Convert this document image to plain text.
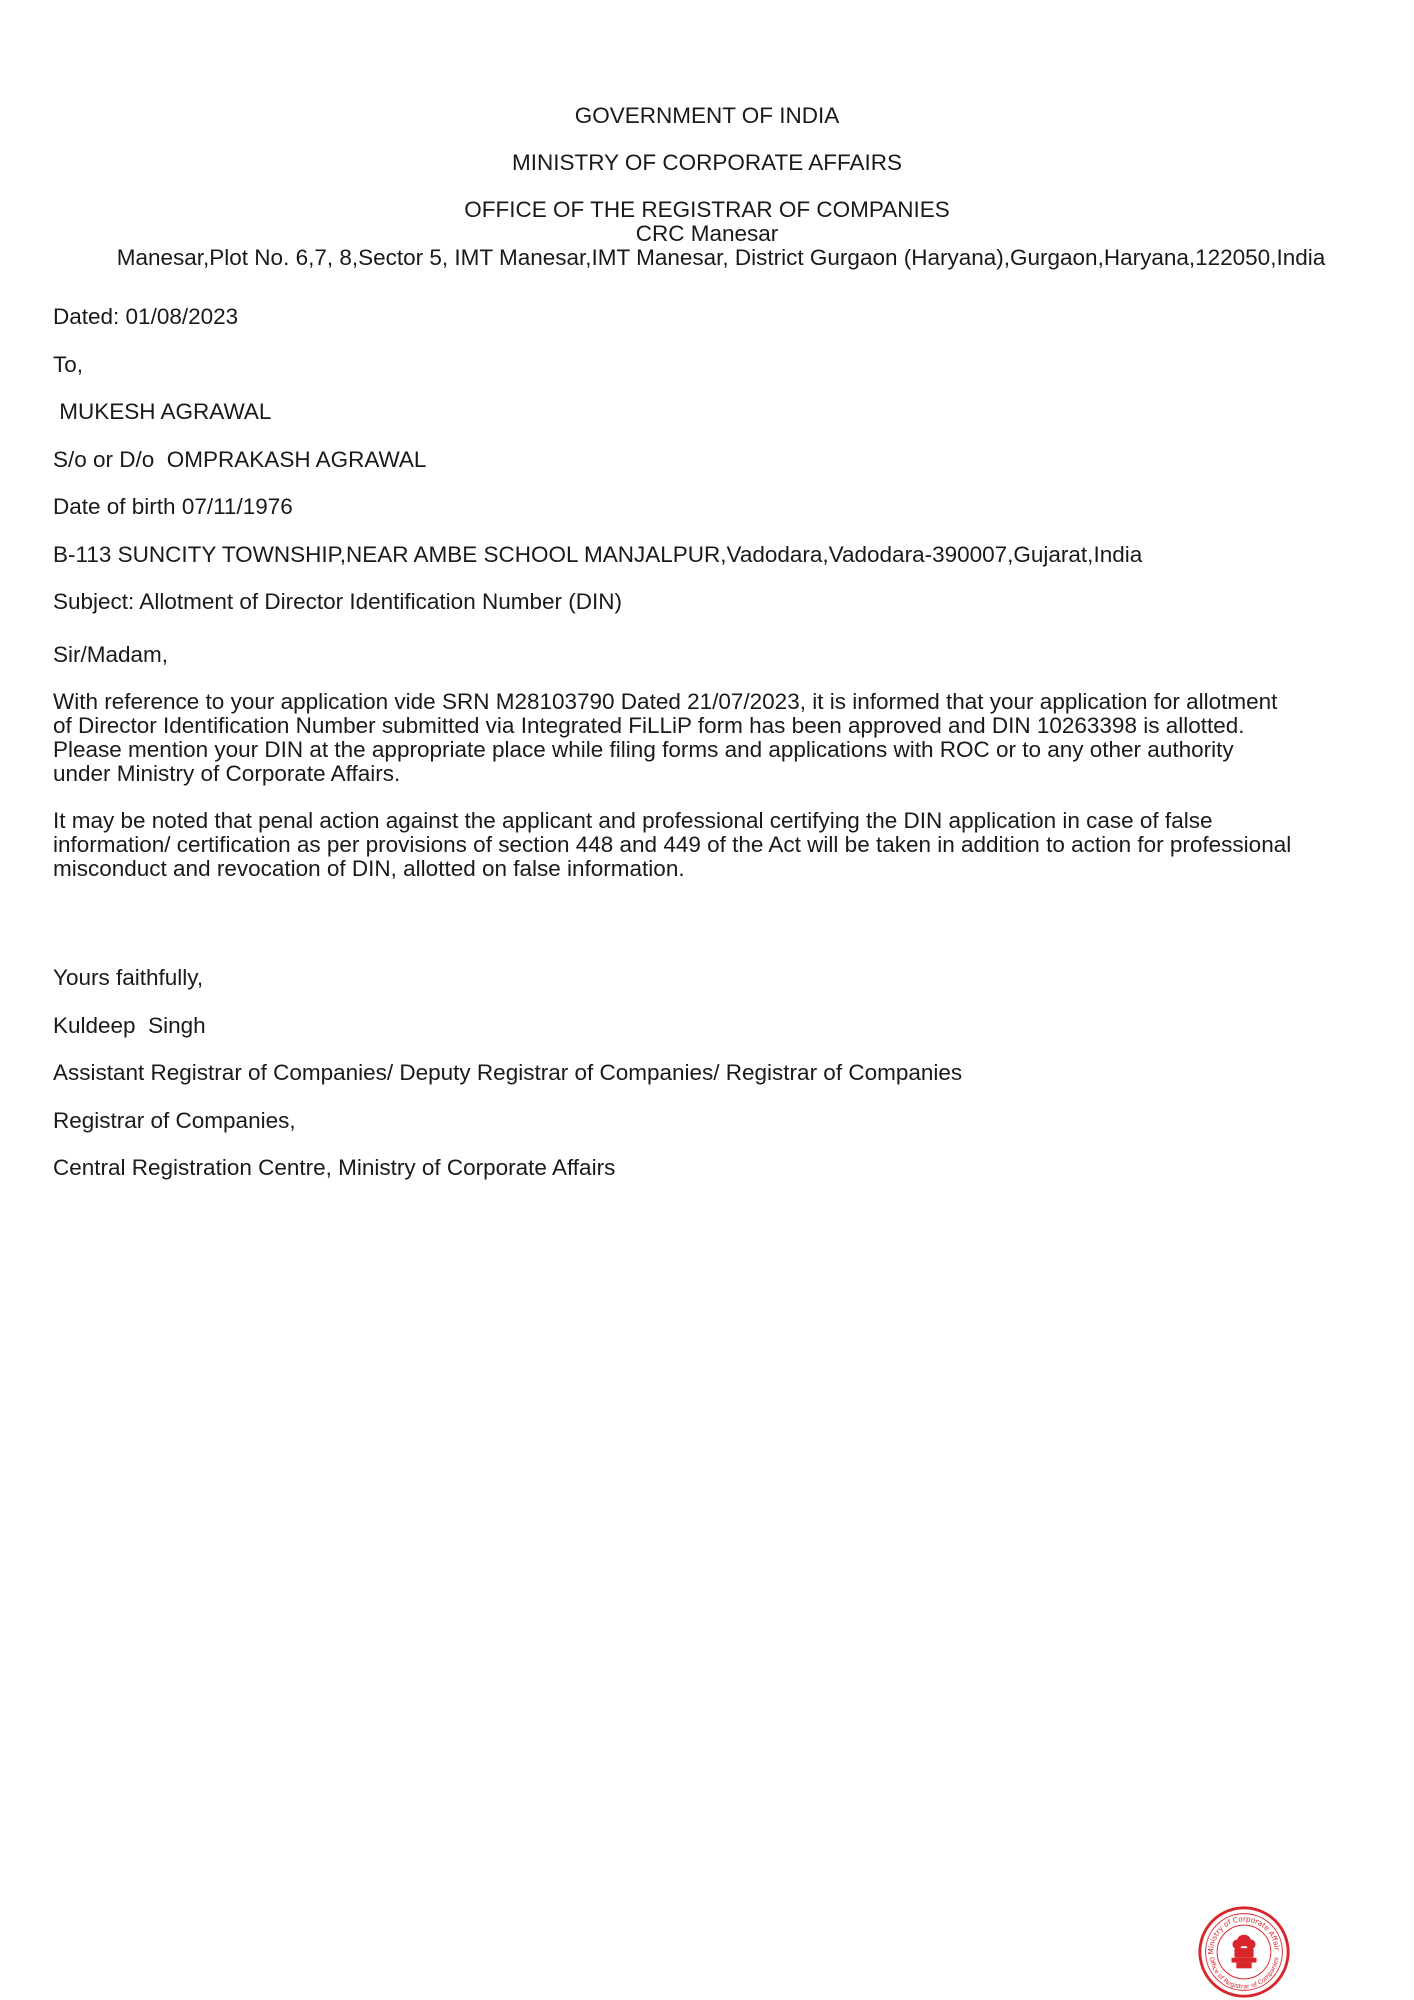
GOVERNMENT OF INDIA
MINISTRY OF CORPORATE AFFAIRS
OFFICE OF THE REGISTRAR OF COMPANIES
CRC Manesar
Manesar,Plot No. 6,7, 8,Sector 5, IMT Manesar,IMT Manesar, District Gurgaon (Haryana),Gurgaon,Haryana,122050,India
Dated: 01/08/2023
To,
MUKESH AGRAWAL
S/o or D/o  OMPRAKASH AGRAWAL
Date of birth 07/11/1976
B-113 SUNCITY TOWNSHIP,NEAR AMBE SCHOOL MANJALPUR,Vadodara,Vadodara-390007,Gujarat,India
Subject: Allotment of Director Identification Number (DIN)
Sir/Madam,
With reference to your application vide SRN M28103790 Dated 21/07/2023, it is informed that your application for allotment
of Director Identification Number submitted via Integrated FiLLiP form has been approved and DIN 10263398 is allotted.
Please mention your DIN at the appropriate place while filing forms and applications with ROC or to any other authority
under Ministry of Corporate Affairs.
It may be noted that penal action against the applicant and professional certifying the DIN application in case of false
information/ certification as per provisions of section 448 and 449 of the Act will be taken in addition to action for professional
misconduct and revocation of DIN, allotted on false information.
Yours faithfully,
Kuldeep  Singh
Assistant Registrar of Companies/ Deputy Registrar of Companies/ Registrar of Companies
Registrar of Companies,
Central Registration Centre, Ministry of Corporate Affairs
Ministry of Corporate Affairs
Office of Registrar of Companies
